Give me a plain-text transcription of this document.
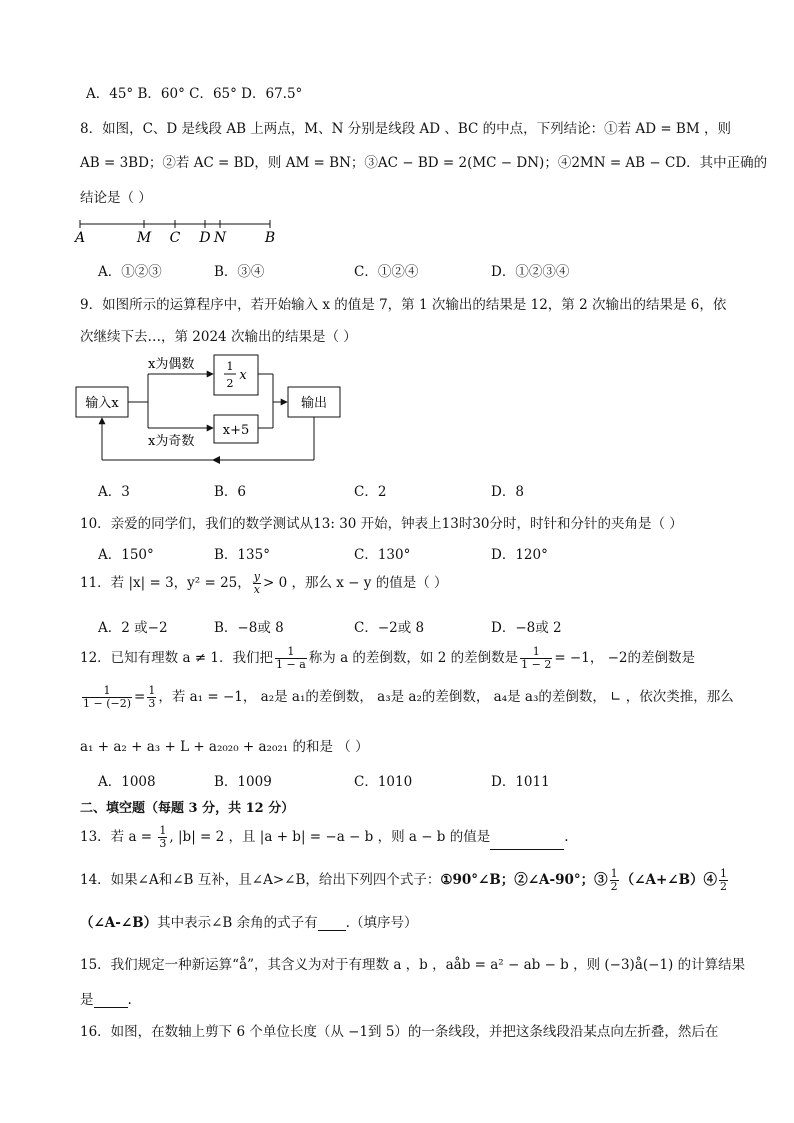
A．45° B．60° C．65° D．67.5°
8．如图，C、D 是线段 AB 上两点，M、N 分别是线段 AD 、BC 的中点，下列结论：①若 AD = BM ，则
AB = 3BD；②若 AC = BD，则 AM = BN；③AC − BD = 2(MC − DN)；④2MN = AB − CD．其中正确的
结论是（ ）
A	M C D N	B
A．①②③	B．③④	C．①②④	D．①②③④
9．如图所示的运算程序中，若开始输入 x 的值是 7，第 1 次输出的结果是 12，第 2 次输出的结果是 6，依
次继续下去…，第 2024 次输出的结果是（ ）
输入x
1
2
x
x+5
输出
x为偶数
x为奇数
A．3	B．6	C．2	D．8
10．亲爱的同学们，我们的数学测试从13: 30 开始，钟表上13时30分时，时针和分针的夹角是（ ）
A．150°	B．135°	C．130°	D．120°
11．若 |x| = 3，y² = 25， $\frac{y}{x} > 0$ ，那么 x − y 的值是（ ）
A．2 或−2	B．−8或 8	C．−2或 8	D．−8或 2
12．已知有理数 a ≠ 1．我们把 $\frac{1}{1 - a}$ 称为 a 的差倒数，如 2 的差倒数是 $\frac{1}{1 - 2} = -1$， −2的差倒数是
$\frac{1}{1 - (-2)} = \frac{1}{3}$ ，若 a₁ = −1， a₂是 a₁的差倒数， a₃是 a₂的差倒数， a₄是 a₃的差倒数， ∟ ，依次类推，那么
a₁ + a₂ + a₃ + L + a₂₀₂₀ + a₂₀₂₁ 的和是 （ ）
A．1008	B．1009	C．1010	D．1011
二、填空题（每题 3 分，共 12 分）
13．若 $a = \frac{1}{3}$ , |b| = 2 ，且 |a + b| = −a − b ，则 a − b 的值是	.
14．如果∠A和∠B 互补，且∠A>∠B，给出下列四个式子：①90°∠B；②∠A-90°；③ $\frac{1}{2}$ （∠A+∠B）④ $\frac{1}{2}$
（∠A-∠B）其中表示∠B 余角的式子有 .（填序号）
15．我们规定一种新运算“å”，其含义为对于有理数 a ，b ，aåb = a² − ab − b ，则 (−3)å(−1) 的计算结果
是	.
16．如图，在数轴上剪下 6 个单位长度（从 −1到 5）的一条线段，并把这条线段沿某点向左折叠，然后在
